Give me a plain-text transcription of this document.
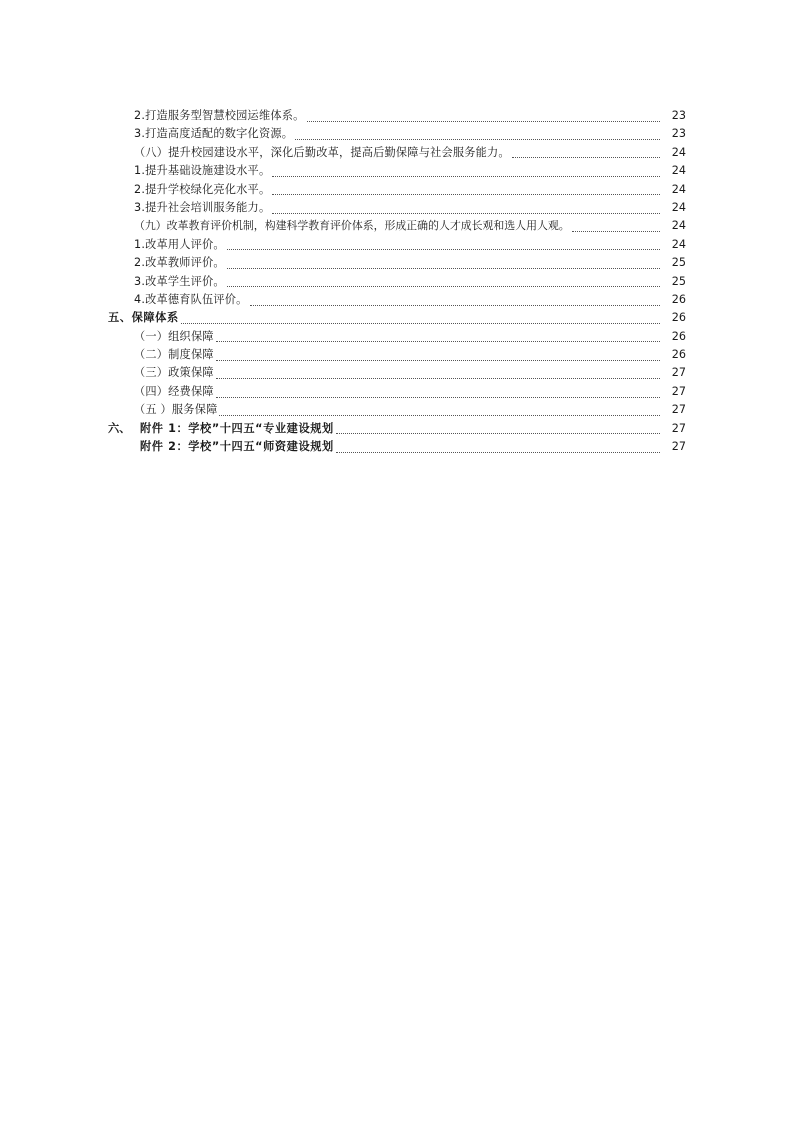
2.打造服务型智慧校园运维体系。	23
3.打造高度适配的数字化资源。	23
（八）提升校园建设水平，深化后勤改革，提高后勤保障与社会服务能力。	24
1.提升基础设施建设水平。	24
2.提升学校绿化亮化水平。	24
3.提升社会培训服务能力。	24
（九）改革教育评价机制，构建科学教育评价体系，形成正确的人才成长观和选人用人观。	24
1.改革用人评价。	24
2.改革教师评价。	25
3.改革学生评价。	25
4.改革德育队伍评价。	26
五、保障体系	26
（一）组织保障	26
（二）制度保障	26
（三）政策保障	27
（四）经费保障	27
（五 ）服务保障	27
六、 附件 1：学校”十四五“专业建设规划	27
附件 2：学校”十四五“师资建设规划	27
